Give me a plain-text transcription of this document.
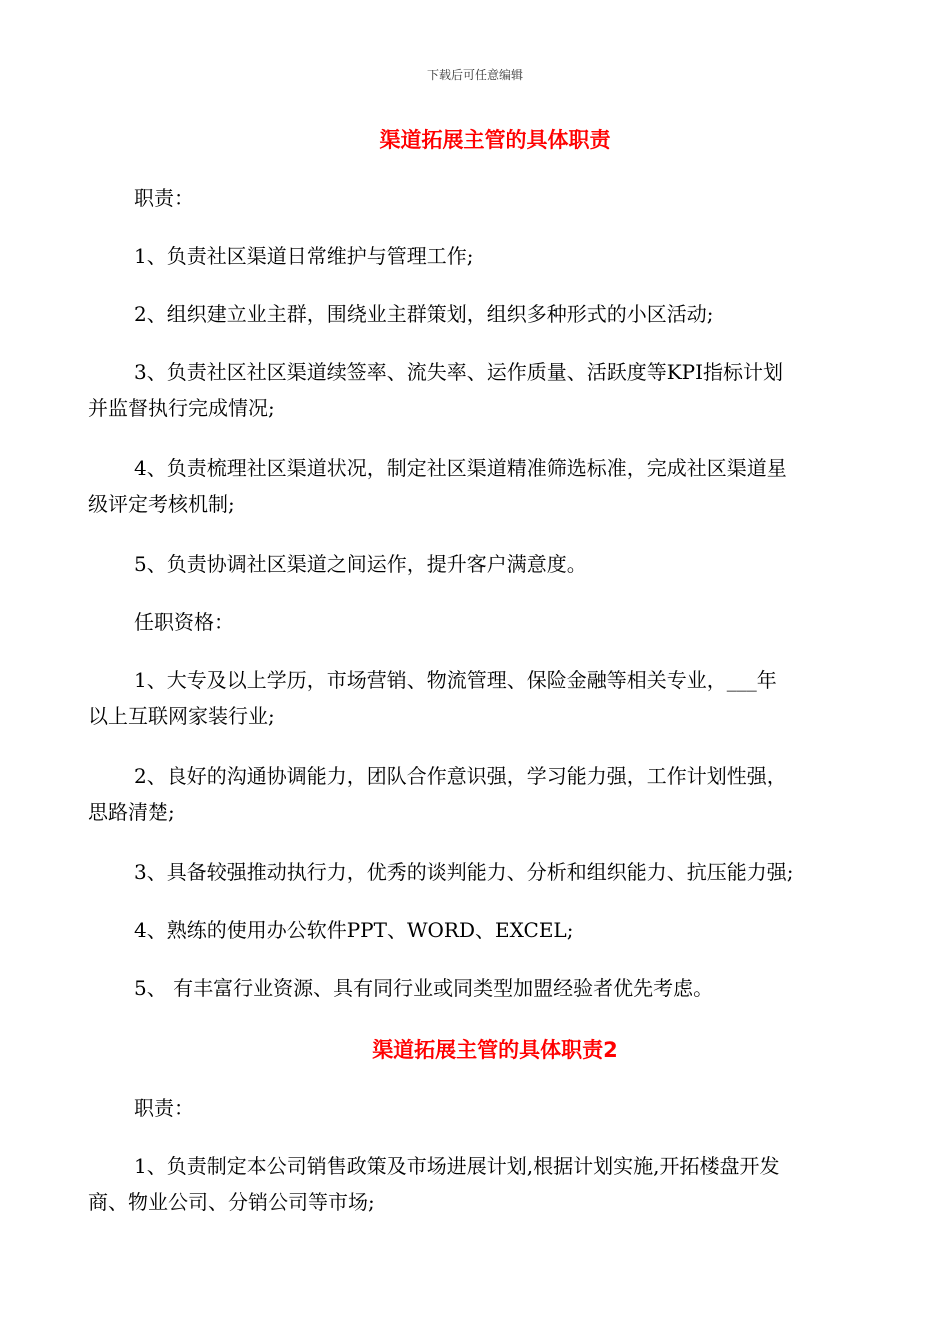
下载后可任意编辑
渠道拓展主管的具体职责
职责：
1、负责社区渠道日常维护与管理工作;
2、组织建立业主群，围绕业主群策划，组织多种形式的小区活动;
3、负责社区社区渠道续签率、流失率、运作质量、活跃度等KPI指标计划
并监督执行完成情况;
4、负责梳理社区渠道状况，制定社区渠道精准筛选标准，完成社区渠道星
级评定考核机制;
5、负责协调社区渠道之间运作，提升客户满意度。
任职资格：
1、大专及以上学历，市场营销、物流管理、保险金融等相关专业，___年
以上互联网家装行业;
2、良好的沟通协调能力，团队合作意识强，学习能力强，工作计划性强，
思路清楚;
3、具备较强推动执行力，优秀的谈判能力、分析和组织能力、抗压能力强;
4、熟练的使用办公软件PPT、WORD、EXCEL;
5、 有丰富行业资源、具有同行业或同类型加盟经验者优先考虑。
渠道拓展主管的具体职责2
职责：
1、负责制定本公司销售政策及市场进展计划,根据计划实施,开拓楼盘开发
商、物业公司、分销公司等市场;
